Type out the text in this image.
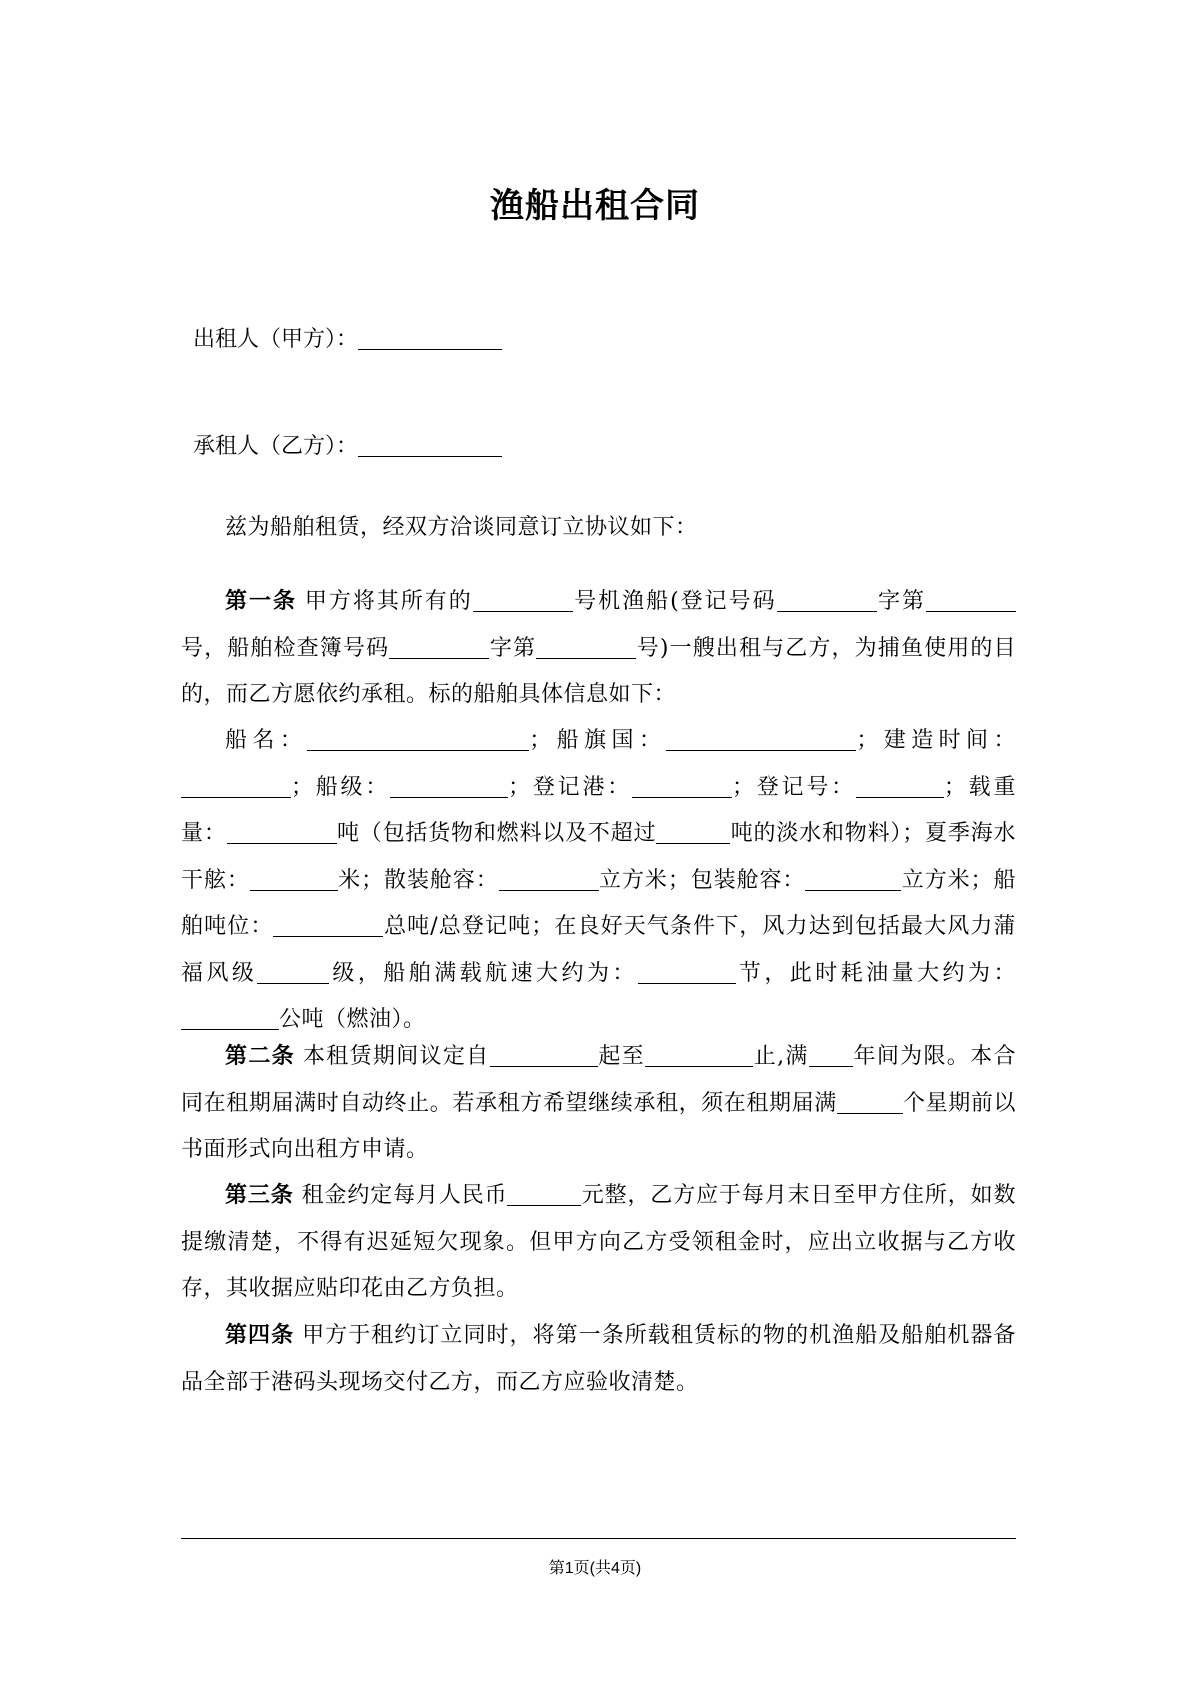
渔船出租合同
出租人（甲方）：
承租人（乙方）：
兹为船舶租赁，经双方洽谈同意订立协议如下：
第一条 甲方将其所有的	号机渔船(登记号码	字第号，船舶检查簿号码	字第	号)一艘出租与乙方，为捕鱼使用的目的，而乙方愿依约承租。标的船舶具体信息如下：
船名：	；船旗国：	；建造时间：；船级：	；登记港：	；登记号：	；载重量：	吨（包括货物和燃料以及不超过	吨的淡水和物料）；夏季海水干舷：	米；散装舱容：	立方米；包装舱容：	立方米；船舶吨位：	总吨/总登记吨；在良好天气条件下，风力达到包括最大风力蒲福风级	级，船舶满载航速大约为：	节，此时耗油量大约为：公吨（燃油）。
第二条 本租赁期间议定自	起至	止,满 年间为限。本合同在租期届满时自动终止。若承租方希望继续承租，须在租期届满	个星期前以书面形式向出租方申请。
第三条 租金约定每月人民币	元整，乙方应于每月末日至甲方住所，如数提缴清楚，不得有迟延短欠现象。但甲方向乙方受领租金时，应出立收据与乙方收存，其收据应贴印花由乙方负担。
第四条 甲方于租约订立同时，将第一条所载租赁标的物的机渔船及船舶机器备品全部于港码头现场交付乙方，而乙方应验收清楚。
第1页(共4页)
